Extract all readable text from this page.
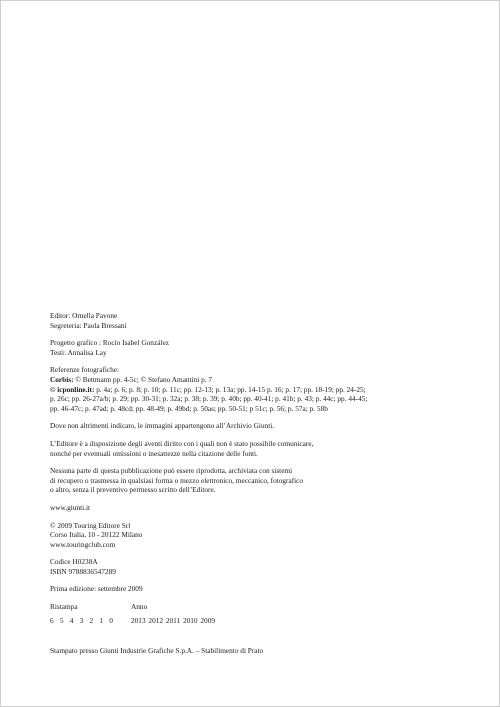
Editor: Ornella Pavone
Segreteria: Paola Bressani
Progetto grafico : Rocío Isabel González
Testi: Annalisa Lay
Referenze fotografiche:
Corbis: © Bettmann pp. 4-5c; © Stefano Amantini p. 7
© icponline.it: p. 4a; p. 6; p. 8; p. 10; p. 11c; pp. 12-13; p. 13a; pp. 14-15 p. 16; p. 17; pp. 18-19; pp. 24-25;
p. 26c; pp. 26-27a/b; p. 29; pp. 30-31; p. 32a; p. 38; p. 39; p. 40b; pp. 40-41; p. 41b; p. 43; p. 44c; pp. 44-45;
pp. 46-47c; p. 47ad; p. 48cd; pp. 48-49; p. 49bd; p. 50as; pp. 50-51; p 51c; p. 56; p. 57a; p. 58b
Dove non altrimenti indicato, le immagini appartengono all’Archivio Giunti.
L’Editore è a disposizione degli aventi diritto con i quali non è stato possibile comunicare,
nonché per eventuali omissioni o inesattezze nella citazione delle fonti.
Nessuna parte di questa pubblicazione può essere riprodotta, archiviata con sistemi
di recupero o trasmessa in qualsiasi forma o mezzo elettronico, meccanico, fotografico
o altro, senza il preventivo permesso scritto dell’Editore.
www.giunti.it
© 2009 Touring Editore Srl
Corso Italia, 10 - 20122 Milano
www.touringclub.com
Codice H0238A
ISBN 9788836547289
Prima edizione: settembre 2009
Ristampa	Anno
6 5 4 3 2 1 0 2013 2012 2011 2010 2009
Stampato presso Giunti Industrie Grafiche S.p.A. – Stabilimento di Prato
